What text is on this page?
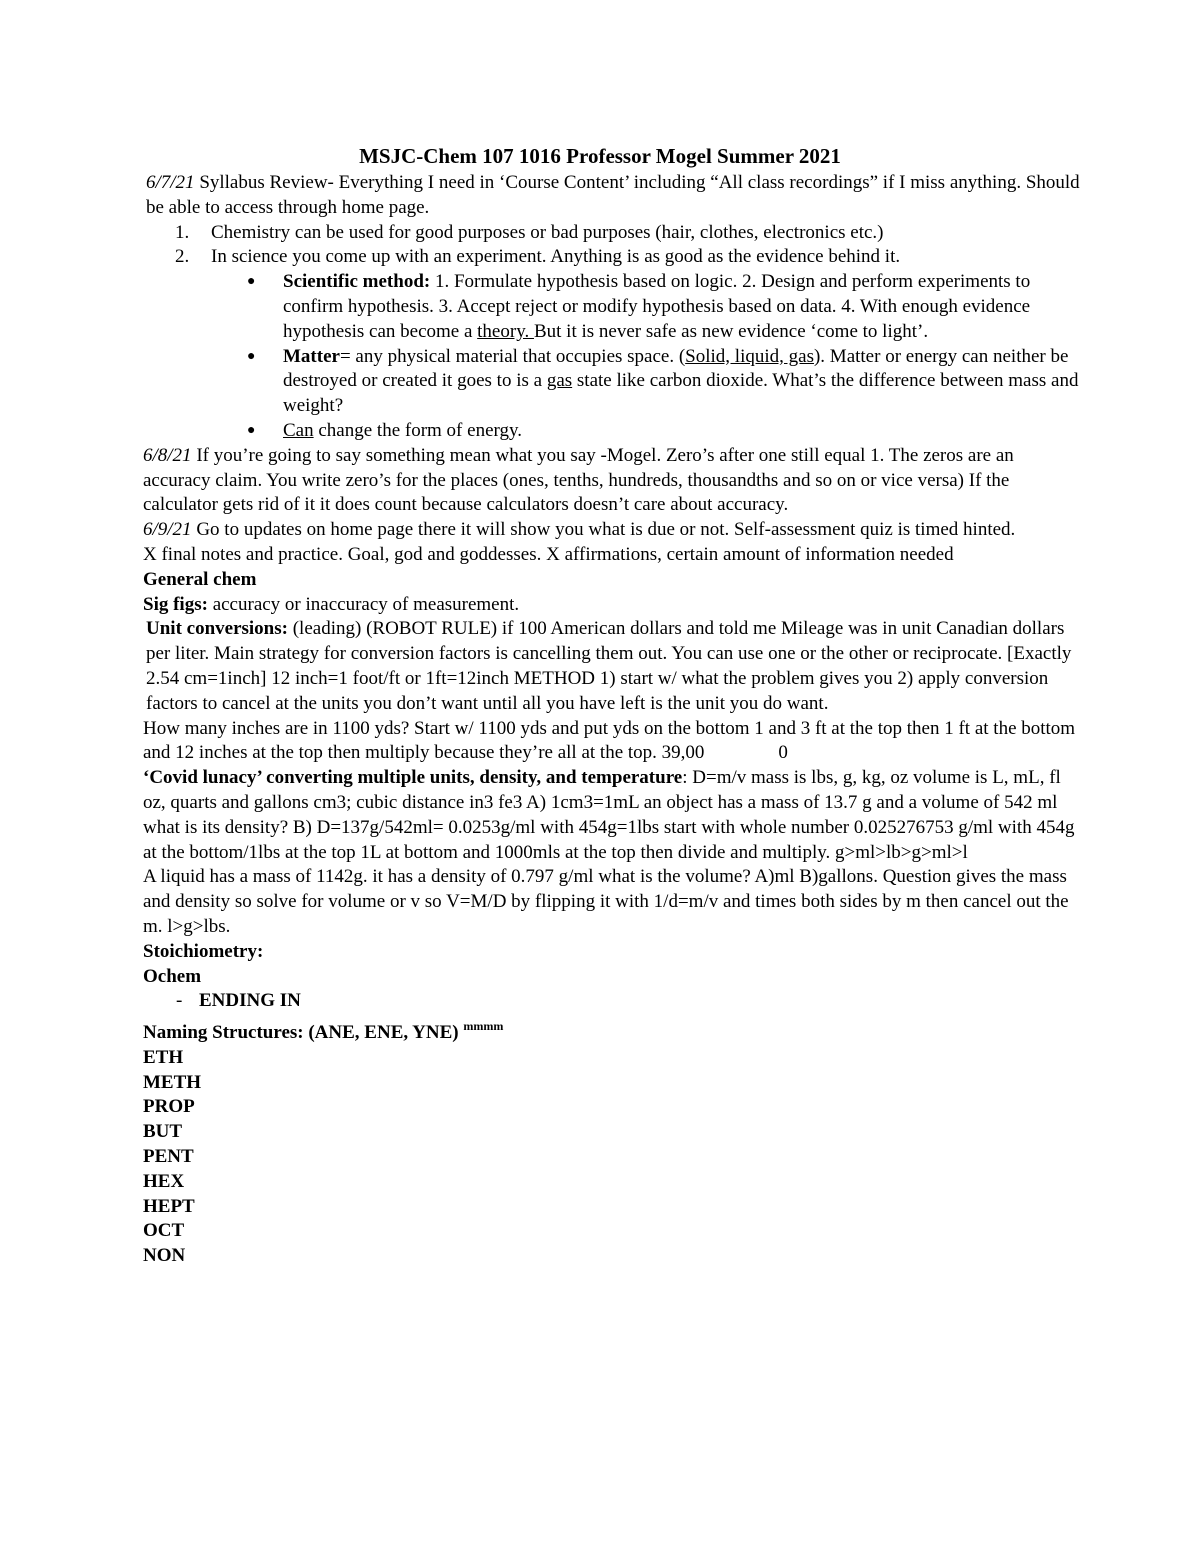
MSJC-Chem 107 1016 Professor Mogel Summer 2021

6/7/21 Syllabus Review- Everything I need in ‘Course Content’ including “All class recordings” if I miss anything. Should be able to access through home page.

1. Chemistry can be used for good purposes or bad purposes (hair, clothes, electronics etc.)
2. In science you come up with an experiment. Anything is as good as the evidence behind it.
● Scientific method: 1. Formulate hypothesis based on logic. 2. Design and perform experiments to confirm hypothesis. 3. Accept reject or modify hypothesis based on data. 4. With enough evidence hypothesis can become a theory. But it is never safe as new evidence ‘come to light’.
● Matter= any physical material that occupies space. (Solid, liquid, gas). Matter or energy can neither be destroyed or created it goes to is a gas state like carbon dioxide. What’s the difference between mass and weight?
● Can change the form of energy.

6/8/21 If you’re going to say something mean what you say -Mogel. Zero’s after one still equal 1. The zeros are an accuracy claim. You write zero’s for the places (ones, tenths, hundreds, thousandths and so on or vice versa) If the calculator gets rid of it it does count because calculators doesn’t care about accuracy.

6/9/21 Go to updates on home page there it will show you what is due or not. Self-assessment quiz is timed hinted.

X final notes and practice. Goal, god and goddesses. X affirmations, certain amount of information needed

General chem

Sig figs: accuracy or inaccuracy of measurement.

Unit conversions: (leading) (ROBOT RULE) if 100 American dollars and told me Mileage was in unit Canadian dollars per liter. Main strategy for conversion factors is cancelling them out. You can use one or the other or reciprocate. [Exactly 2.54 cm=1inch] 12 inch=1 foot/ft or 1ft=12inch METHOD 1) start w/ what the problem gives you 2) apply conversion factors to cancel at the units you don’t want until all you have left is the unit you do want.

How many inches are in 1100 yds? Start w/ 1100 yds and put yds on the bottom 1 and 3 ft at the top then 1 ft at the bottom and 12 inches at the top then multiply because they’re all at the top. 39,00	0

‘Covid lunacy’ converting multiple units, density, and temperature: D=m/v mass is lbs, g, kg, oz volume is L, mL, fl oz, quarts and gallons cm3; cubic distance in3 fe3 A) 1cm3=1mL an object has a mass of 13.7 g and a volume of 542 ml what is its density? B) D=137g/542ml= 0.0253g/ml with 454g=1lbs start with whole number 0.025276753 g/ml with 454g at the bottom/1lbs at the top 1L at bottom and 1000mls at the top then divide and multiply. g>ml>lb>g>ml>l

A liquid has a mass of 1142g. it has a density of 0.797 g/ml what is the volume? A)ml B)gallons. Question gives the mass and density so solve for volume or v so V=M/D by flipping it with 1/d=m/v and times both sides by m then cancel out the m. l>g>lbs.

Stoichiometry:

Ochem

- ENDING IN

Naming Structures: (ANE, ENE, YNE) $^{mmmm}$

ETH

METH

PROP

BUT

PENT

HEX

HEPT

OCT

NON
